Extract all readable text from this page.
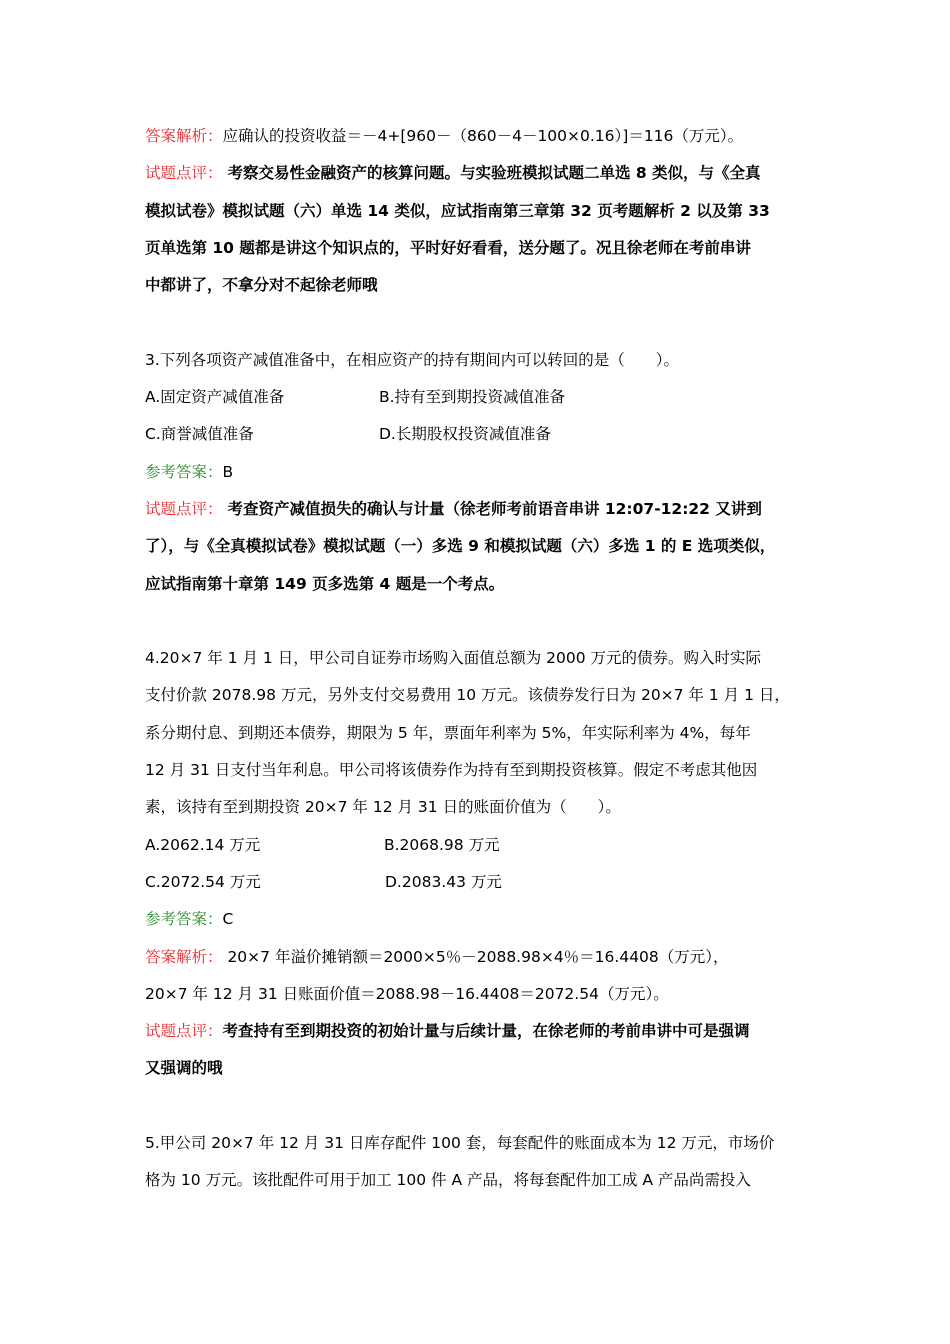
答案解析：应确认的投资收益＝－4+[960－（860－4－100×0.16）]＝116（万元）。
试题点评： 考察交易性金融资产的核算问题。与实验班模拟试题二单选 8 类似，与《全真
模拟试卷》模拟试题（六）单选 14 类似，应试指南第三章第 32 页考题解析 2 以及第 33
页单选第 10 题都是讲这个知识点的，平时好好看看，送分题了。况且徐老师在考前串讲
中都讲了，不拿分对不起徐老师哦
3.下列各项资产减值准备中，在相应资产的持有期间内可以转回的是（　　）。
A.固定资产减值准备	B.持有至到期投资减值准备
C.商誉减值准备	D.长期股权投资减值准备
参考答案：B
试题点评： 考查资产减值损失的确认与计量（徐老师考前语音串讲 12:07-12:22 又讲到
了），与《全真模拟试卷》模拟试题（一）多选 9 和模拟试题（六）多选 1 的 E 选项类似，
应试指南第十章第 149 页多选第 4 题是一个考点。
4.20×7 年 1 月 1 日，甲公司自证券市场购入面值总额为 2000 万元的债券。购入时实际
支付价款 2078.98 万元，另外支付交易费用 10 万元。该债券发行日为 20×7 年 1 月 1 日，
系分期付息、到期还本债券，期限为 5 年，票面年利率为 5%，年实际利率为 4%，每年
12 月 31 日支付当年利息。甲公司将该债券作为持有至到期投资核算。假定不考虑其他因
素，该持有至到期投资 20×7 年 12 月 31 日的账面价值为（　　）。
A.2062.14 万元	B.2068.98 万元
C.2072.54 万元	D.2083.43 万元
参考答案：C
答案解析： 20×7 年溢价摊销额＝2000×5％－2088.98×4％＝16.4408（万元），
20×7 年 12 月 31 日账面价值＝2088.98－16.4408＝2072.54（万元）。
试题点评：考查持有至到期投资的初始计量与后续计量，在徐老师的考前串讲中可是强调
又强调的哦
5.甲公司 20×7 年 12 月 31 日库存配件 100 套，每套配件的账面成本为 12 万元，市场价
格为 10 万元。该批配件可用于加工 100 件 A 产品，将每套配件加工成 A 产品尚需投入
